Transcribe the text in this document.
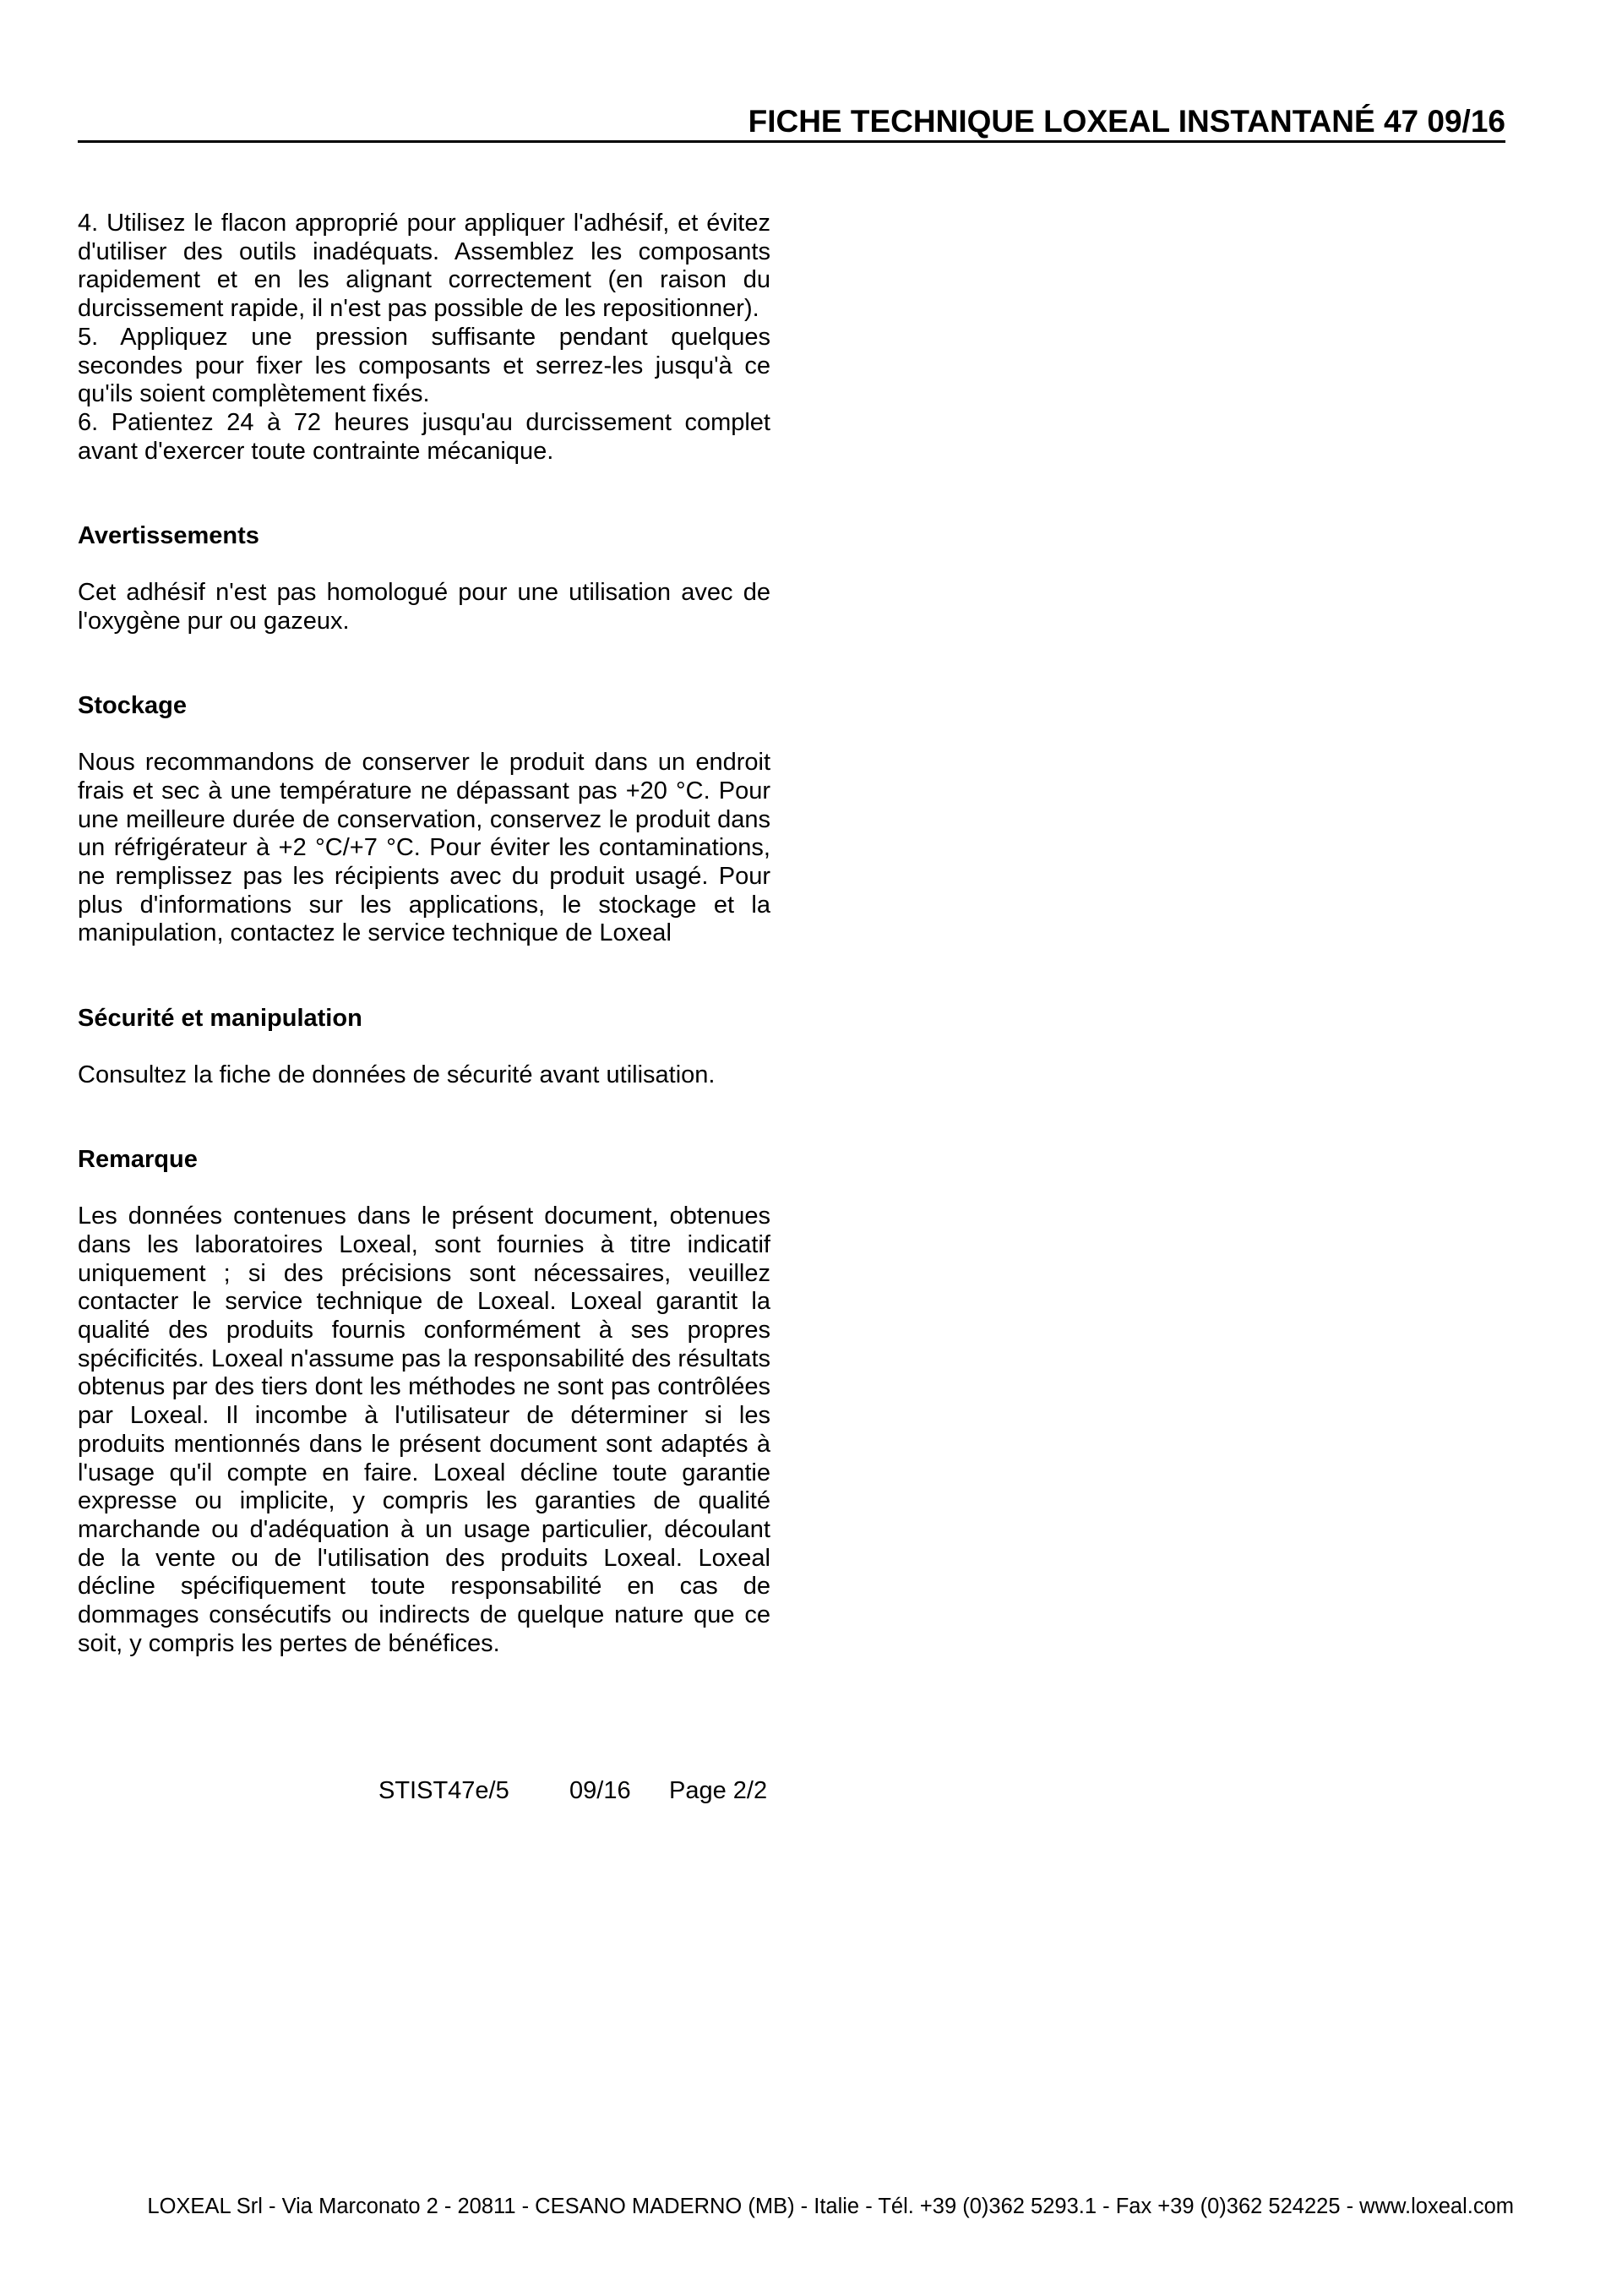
FICHE TECHNIQUE LOXEAL INSTANTANÉ 47 09/16

4. Utilisez le flacon approprié pour appliquer l'adhésif, et évitez d'utiliser des outils inadéquats. Assemblez les composants rapidement et en les alignant correctement (en raison du durcissement rapide, il n'est pas possible de les repositionner).

5. Appliquez une pression suffisante pendant quelques secondes pour fixer les composants et serrez-les jusqu'à ce qu'ils soient complètement fixés.

6. Patientez 24 à 72 heures jusqu'au durcissement complet avant d'exercer toute contrainte mécanique.

Avertissements

Cet adhésif n'est pas homologué pour une utilisation avec de l'oxygène pur ou gazeux.

Stockage

Nous recommandons de conserver le produit dans un endroit frais et sec à une température ne dépassant pas +20 °C. Pour une meilleure durée de conservation, conservez le produit dans un réfrigérateur à +2 °C/+7 °C. Pour éviter les contaminations, ne remplissez pas les récipients avec du produit usagé. Pour plus d'informations sur les applications, le stockage et la manipulation, contactez le service technique de Loxeal

Sécurité et manipulation

Consultez la fiche de données de sécurité avant utilisation.

Remarque

Les données contenues dans le présent document, obtenues dans les laboratoires Loxeal, sont fournies à titre indicatif uniquement ; si des précisions sont nécessaires, veuillez contacter le service technique de Loxeal. Loxeal garantit la qualité des produits fournis conformément à ses propres spécificités. Loxeal n'assume pas la responsabilité des résultats obtenus par des tiers dont les méthodes ne sont pas contrôlées par Loxeal. Il incombe à l'utilisateur de déterminer si les produits mentionnés dans le présent document sont adaptés à l'usage qu'il compte en faire. Loxeal décline toute garantie expresse ou implicite, y compris les garanties de qualité marchande ou d'adéquation à un usage particulier, découlant de la vente ou de l'utilisation des produits Loxeal. Loxeal décline spécifiquement toute responsabilité en cas de dommages consécutifs ou indirects de quelque nature que ce soit, y compris les pertes de bénéfices.

STIST47e/5 09/16 Page 2/2
LOXEAL Srl - Via Marconato 2 - 20811 - CESANO MADERNO (MB) - Italie - Tél. +39 (0)362 5293.1 - Fax +39 (0)362 524225 - www.loxeal.com
